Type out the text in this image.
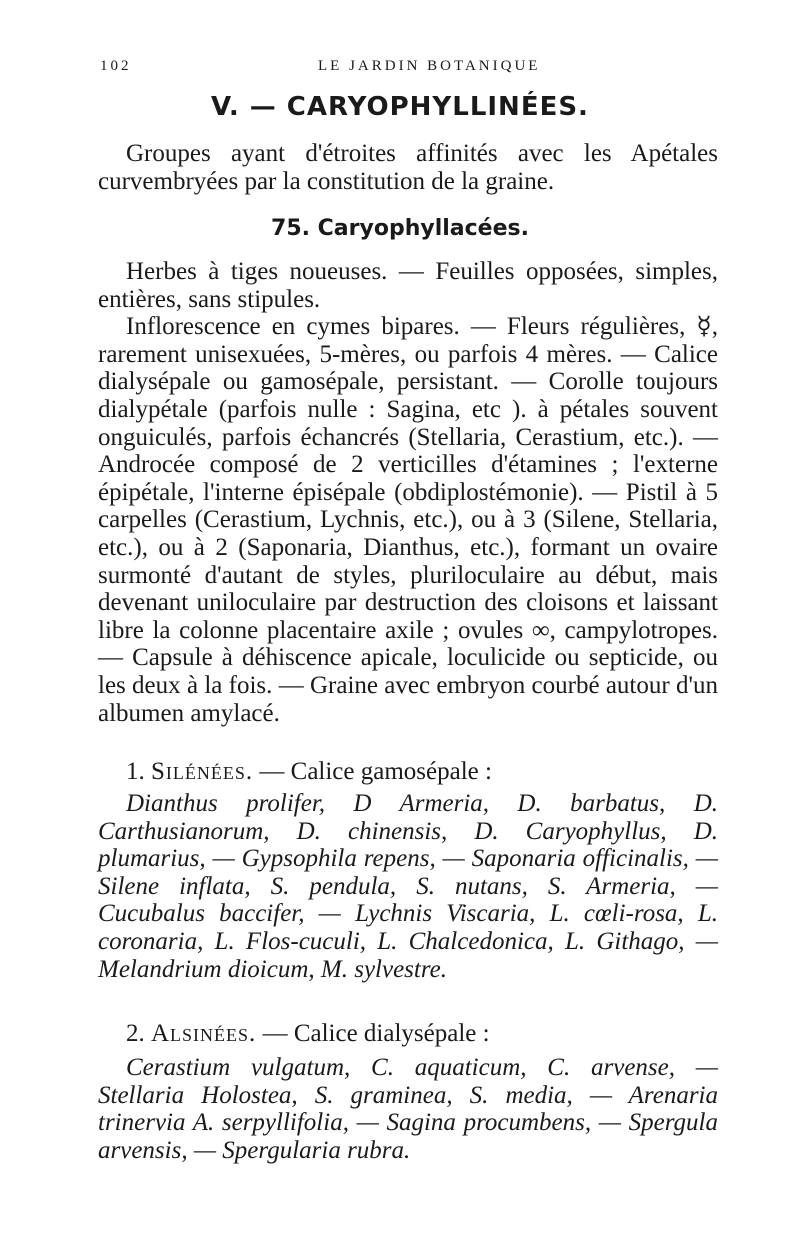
102	LE JARDIN BOTANIQUE
V. — CARYOPHYLLINÉES.

Groupes ayant d'étroites affinités avec les Apétales curvembryées par la constitution de la graine.

75. Caryophyllacées.

Herbes à tiges noueuses. — Feuilles opposées, simples, entières, sans stipules.

Inflorescence en cymes bipares. — Fleurs régulières, ☿, rarement unisexuées, 5-mères, ou parfois 4 mères. — Calice dialysépale ou gamosépale, persistant. — Corolle toujours dialypétale (parfois nulle : Sagina, etc ). à pétales souvent onguiculés, parfois échancrés (Stellaria, Cerastium, etc.). — Androcée composé de 2 verticilles d'étamines ; l'externe épipétale, l'interne épisépale (obdiplostémonie). — Pistil à 5 carpelles (Cerastium, Lychnis, etc.), ou à 3 (Silene, Stellaria, etc.), ou à 2 (Saponaria, Dianthus, etc.), formant un ovaire surmonté d'autant de styles, pluriloculaire au début, mais devenant uniloculaire par destruction des cloisons et laissant libre la colonne placentaire axile ; ovules ∞, campylotropes. — Capsule à déhiscence apicale, loculicide ou septicide, ou les deux à la fois. — Graine avec embryon courbé autour d'un albumen amylacé.

1. Silénées. — Calice gamosépale :

Dianthus prolifer, D Armeria, D. barbatus, D. Carthusianorum, D. chinensis, D. Caryophyllus, D. plumarius, — Gypsophila repens, — Saponaria officinalis, — Silene inflata, S. pendula, S. nutans, S. Armeria, — Cucubalus baccifer, — Lychnis Viscaria, L. cœli-rosa, L. coronaria, L. Flos-cuculi, L. Chalcedonica, L. Githago, — Melandrium dioicum, M. sylvestre.

2. Alsinées. — Calice dialysépale :

Cerastium vulgatum, C. aquaticum, C. arvense, — Stellaria Holostea, S. graminea, S. media, — Arenaria trinervia A. serpyllifolia, — Sagina procumbens, — Spergula arvensis, — Spergularia rubra.
